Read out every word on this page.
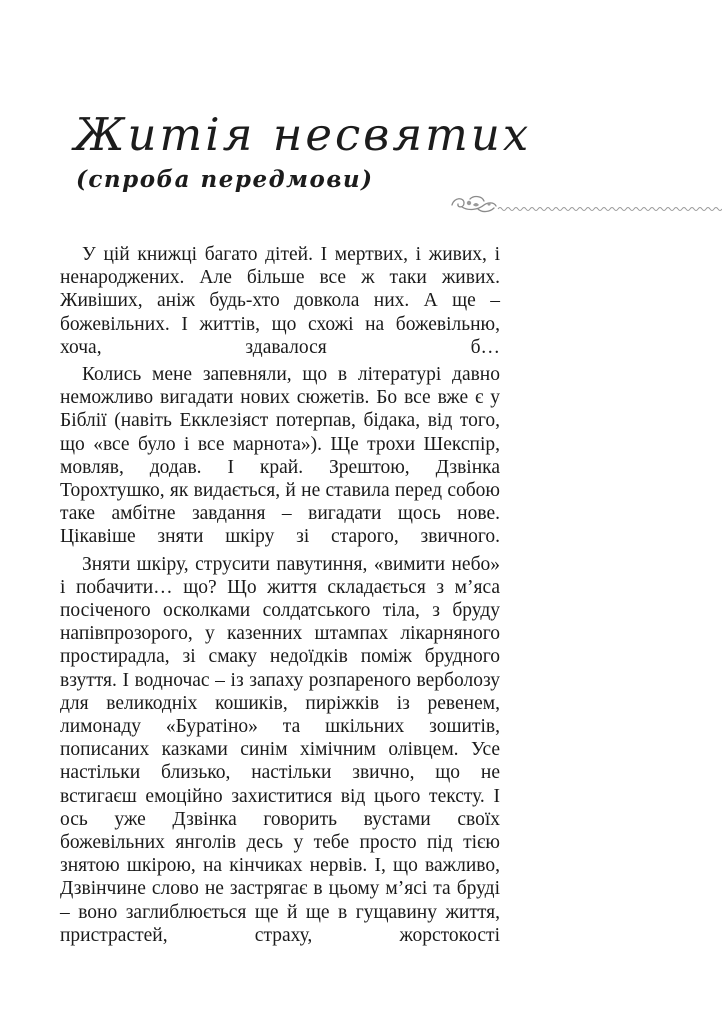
Житія несвятих
(спроба передмови)

У цій книжці багато дітей. І мертвих, і живих, і ненароджених. Але більше все ж таки живих. Живіших, аніж будь-хто довкола них. А ще – божевільних. І життів, що схожі на божевільню, хоча, здавалося б…

Колись мене запевняли, що в літературі давно неможливо вигадати нових сюжетів. Бо все вже є у Біблії (навіть Екклезіяст потерпав, бідака, від того, що «все було і все марнота»). Ще трохи Шекспір, мовляв, додав. І край. Зрештою, Дзвінка Торохтушко, як видається, й не ставила перед собою таке амбітне завдання – вигадати щось нове. Цікавіше зняти шкіру зі старого, звичного.

Зняти шкіру, струсити павутиння, «вимити небо» і побачити… що? Що життя складається з м’яса посіченого осколками солдатського тіла, з бруду напівпрозорого, у казенних штампах лікарняного простирадла, зі смаку недоїдків поміж брудного взуття. І водночас – із запаху розпареного верболозу для великодніх кошиків, пиріжків із ревенем, лимонаду «Буратіно» та шкільних зошитів, пописаних казками синім хімічним олівцем. Усе настільки близько, настільки звично, що не встигаєш емоційно захиститися від цього тексту. І ось уже Дзвінка говорить вустами своїх божевільних янголів десь у тебе просто під тією знятою шкірою, на кінчиках нервів. І, що важливо, Дзвінчине слово не застрягає в цьому м’ясі та бруді – воно заглиблюється ще й ще в гущавину життя, пристрастей, страху, жорстокості
